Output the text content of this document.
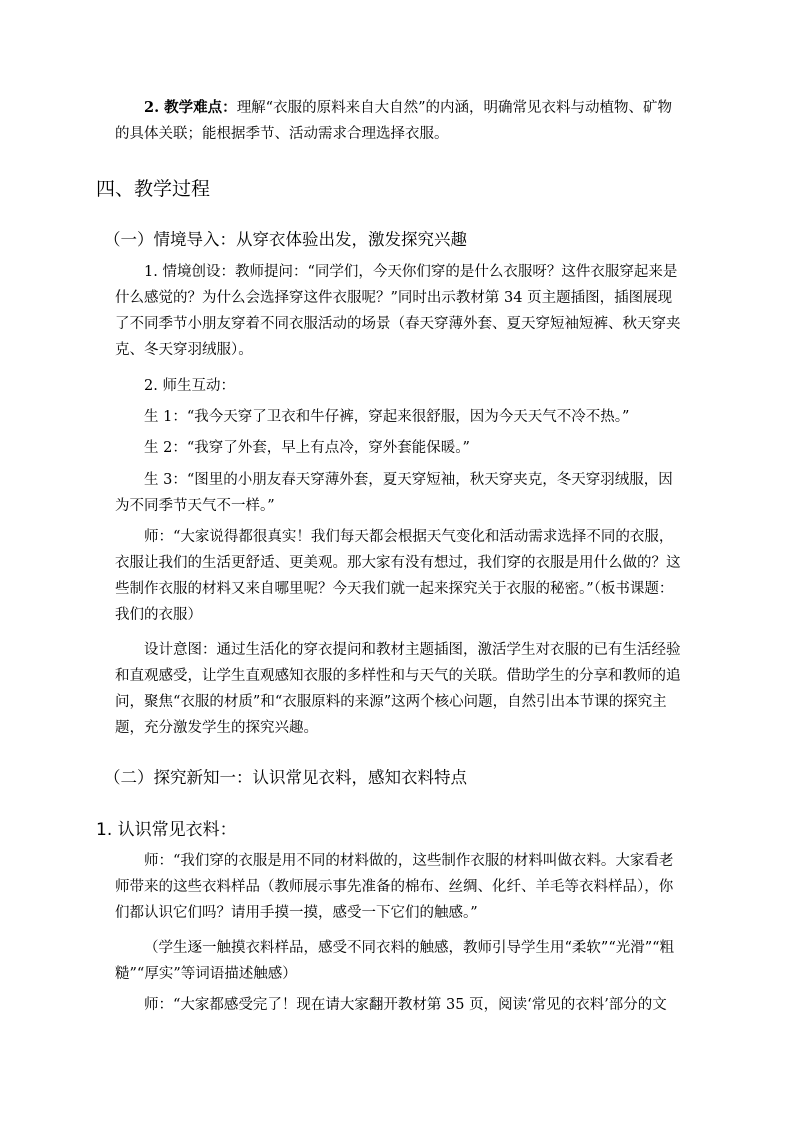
2. 教学难点：理解“衣服的原料来自大自然”的内涵，明确常见衣料与动植物、矿物的具体关联；能根据季节、活动需求合理选择衣服。

四、教学过程
（一）情境导入：从穿衣体验出发，激发探究兴趣

1. 情境创设：教师提问：“同学们，今天你们穿的是什么衣服呀？这件衣服穿起来是什么感觉的？为什么会选择穿这件衣服呢？”同时出示教材第 34 页主题插图，插图展现了不同季节小朋友穿着不同衣服活动的场景（春天穿薄外套、夏天穿短袖短裤、秋天穿夹克、冬天穿羽绒服）。

2. 师生互动：

生 1：“我今天穿了卫衣和牛仔裤，穿起来很舒服，因为今天天气不冷不热。”

生 2：“我穿了外套，早上有点冷，穿外套能保暖。”

生 3：“图里的小朋友春天穿薄外套，夏天穿短袖，秋天穿夹克，冬天穿羽绒服，因为不同季节天气不一样。”

师：“大家说得都很真实！我们每天都会根据天气变化和活动需求选择不同的衣服，衣服让我们的生活更舒适、更美观。那大家有没有想过，我们穿的衣服是用什么做的？这些制作衣服的材料又来自哪里呢？今天我们就一起来探究关于衣服的秘密。”（板书课题：我们的衣服）

设计意图：通过生活化的穿衣提问和教材主题插图，激活学生对衣服的已有生活经验和直观感受，让学生直观感知衣服的多样性和与天气的关联。借助学生的分享和教师的追问，聚焦“衣服的材质”和“衣服原料的来源”这两个核心问题，自然引出本节课的探究主题，充分激发学生的探究兴趣。

（二）探究新知一：认识常见衣料，感知衣料特点
1. 认识常见衣料：

师：“我们穿的衣服是用不同的材料做的，这些制作衣服的材料叫做衣料。大家看老师带来的这些衣料样品（教师展示事先准备的棉布、丝绸、化纤、羊毛等衣料样品），你们都认识它们吗？请用手摸一摸，感受一下它们的触感。”

（学生逐一触摸衣料样品，感受不同衣料的触感，教师引导学生用“柔软”“光滑”“粗糙”“厚实”等词语描述触感）

师：“大家都感受完了！现在请大家翻开教材第 35 页，阅读‘常见的衣料’部分的文
